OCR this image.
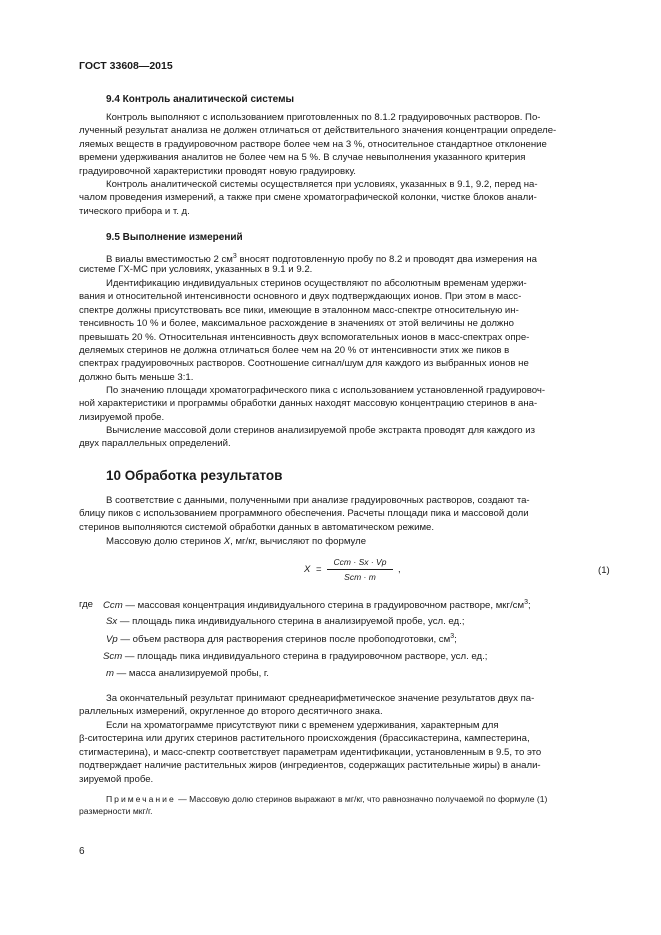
ГОСТ 33608—2015
9.4 Контроль аналитической системы
Контроль выполняют с использованием приготовленных по 8.1.2 градуировочных растворов. По-
лученный результат анализа не должен отличаться от действительного значения концентрации определе-
ляемых веществ в градуировочном растворе более чем на 3 %, относительное стандартное отклонение
времени удерживания аналитов не более чем на 5 %. В случае невыполнения указанного критерия
градуировочной характеристики проводят новую градуировку.
Контроль аналитической системы осуществляется при условиях, указанных в 9.1, 9.2, перед на-
чалом проведения измерений, а также при смене хроматографической колонки, чистке блоков анали-
тического прибора и т. д.
9.5 Выполнение измерений
В виалы вместимостью 2 $см^3$ вносят подготовленную пробу по 8.2 и проводят два измерения на
системе ГХ-МС при условиях, указанных в 9.1 и 9.2.
Идентификацию индивидуальных стеринов осуществляют по абсолютным временам удержи-
вания и относительной интенсивности основного и двух подтверждающих ионов. При этом в масс-
спектре должны присутствовать все пики, имеющие в эталонном масс-спектре относительную ин-
тенсивность 10 % и более, максимальное расхождение в значениях от этой величины не должно
превышать 20 %. Относительная интенсивность двух вспомогательных ионов в масс-спектрах опре-
деляемых стеринов не должна отличаться более чем на 20 % от интенсивности этих же пиков в
спектрах градуировочных растворов. Соотношение сигнал/шум для каждого из выбранных ионов не
должно быть меньше 3:1.
По значению площади хроматографического пика с использованием установленной градуировоч-
ной характеристики и программы обработки данных находят массовую концентрацию стеринов в ана-
лизируемой пробе.
Вычисление массовой доли стеринов анализируемой пробе экстракта проводят для каждого из
двух параллельных определений.
10 Обработка результатов
В соответствие с данными, полученными при анализе градуировочных растворов, создают та-
блицу пиков с использованием программного обеспечения. Расчеты площади пика и массовой доли
стеринов выполняются системой обработки данных в автоматическом режиме.
Массовую долю стеринов X, мг/кг, вычисляют по формуле
X =
Cст · Sх · Vр
Sст · m
,	(1)
где Cст — массовая концентрация индивидуального стерина в градуировочном растворе, мкг/$см^3$;
Sх — площадь пика индивидуального стерина в анализируемой пробе, усл. ед.;
Vр — объем раствора для растворения стеринов после пробоподготовки, $см^3$;
Sст — площадь пика индивидуального стерина в градуировочном растворе, усл. ед.;
m — масса анализируемой пробы, г.
За окончательный результат принимают среднеарифметическое значение результатов двух па-
раллельных измерений, округленное до второго десятичного знака.
Если на хроматограмме присутствуют пики с временем удерживания, характерным для
β-ситостерина или других стеринов растительного происхождения (брассикастерина, кампестерина,
стигмастерина), и масс-спектр соответствует параметрам идентификации, установленным в 9.5, то это
подтверждает наличие растительных жиров (ингредиентов, содержащих растительные жиры) в анали-
зируемой пробе.
Примечание — Массовую долю стеринов выражают в мг/кг, что равнозначно получаемой по формуле (1)
размерности мкг/г.
6
